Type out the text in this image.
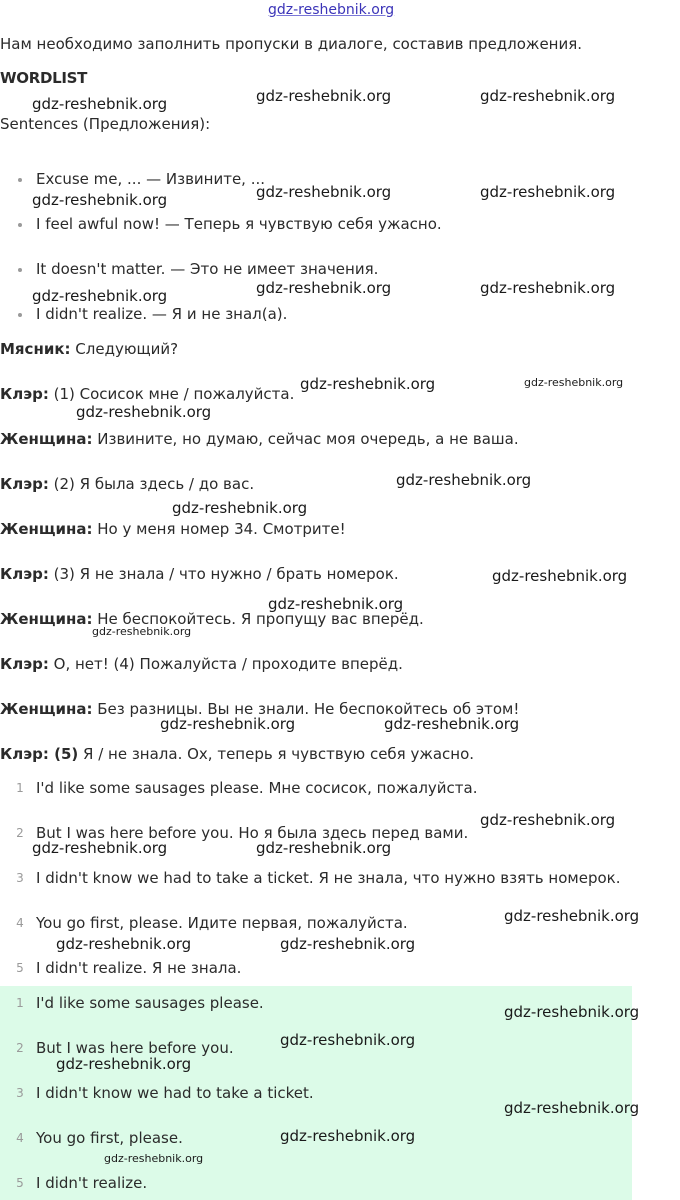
gdz-reshebnik.org
Нам необходимо заполнить пропуски в диалоге, составив предложения.
WORDLIST
Sentences (Предложения):
Excuse me, ... — Извините, ...
I feel awful now! — Теперь я чувствую себя ужасно.
It doesn't matter. — Это не имеет значения.
I didn't realize. — Я и не знал(а).
Мясник: Следующий?
Клэр: (1) Сосисок мне / пожалуйста.
Женщина: Извините, но думаю, сейчас моя очередь, а не ваша.
Клэр: (2) Я была здесь / до вас.
Женщина: Но у меня номер 34. Смотрите!
Клэр: (3) Я не знала / что нужно / брать номерок.
Женщина: Не беспокойтесь. Я пропущу вас вперёд.
Клэр: О, нет! (4) Пожалуйста / проходите вперёд.
Женщина: Без разницы. Вы не знали. Не беспокойтесь об этом!
Клэр: (5) Я / не знала. Ох, теперь я чувствую себя ужасно.
1 I'd like some sausages please. Мне сосисок, пожалуйста.
2 But I was here before you. Но я была здесь перед вами.
3 I didn't know we had to take a ticket. Я не знала, что нужно взять номерок.
4 You go first, please. Идите первая, пожалуйста.
5 I didn't realize. Я не знала.
1 I'd like some sausages please.
2 But I was here before you.
3 I didn't know we had to take a ticket.
4 You go first, please.
5 I didn't realize.
gdz-reshebnik.org	gdz-reshebnik.org	gdz-reshebnik.org
gdz-reshebnik.org	gdz-reshebnik.org	gdz-reshebnik.org
gdz-reshebnik.org	gdz-reshebnik.org	gdz-reshebnik.org
gdz-reshebnik.org	gdz-reshebnik.org
gdz-reshebnik.org
gdz-reshebnik.org
gdz-reshebnik.org
gdz-reshebnik.org
gdz-reshebnik.org
gdz-reshebnik.org
gdz-reshebnik.org	gdz-reshebnik.org
gdz-reshebnik.org
gdz-reshebnik.org	gdz-reshebnik.org
gdz-reshebnik.org
gdz-reshebnik.org	gdz-reshebnik.org
gdz-reshebnik.org
gdz-reshebnik.org
gdz-reshebnik.org
gdz-reshebnik.org
gdz-reshebnik.org
gdz-reshebnik.org
